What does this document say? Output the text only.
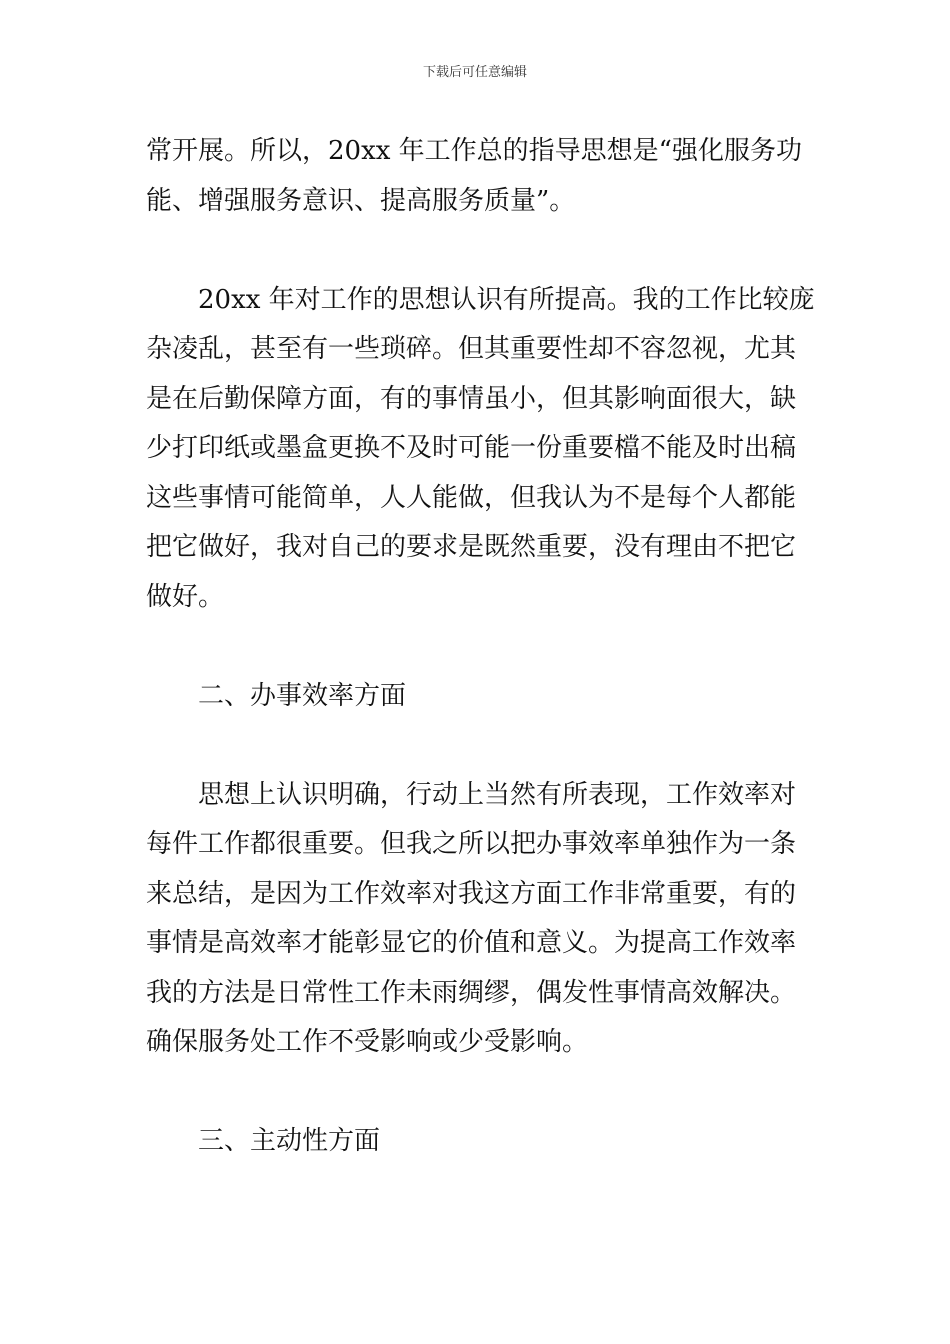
下载后可任意编辑
常开展。所以，20xx 年工作总的指导思想是“强化服务功
能、增强服务意识、提高服务质量”。
20xx 年对工作的思想认识有所提高。我的工作比较庞
杂凌乱，甚至有一些琐碎。但其重要性却不容忽视，尤其
是在后勤保障方面，有的事情虽小，但其影响面很大，缺
少打印纸或墨盒更换不及时可能一份重要檔不能及时出稿
这些事情可能简单，人人能做，但我认为不是每个人都能
把它做好，我对自己的要求是既然重要，没有理由不把它
做好。
二、办事效率方面
思想上认识明确，行动上当然有所表现，工作效率对
每件工作都很重要。但我之所以把办事效率单独作为一条
来总结，是因为工作效率对我这方面工作非常重要，有的
事情是高效率才能彰显它的价值和意义。为提高工作效率
我的方法是日常性工作未雨绸缪，偶发性事情高效解决。
确保服务处工作不受影响或少受影响。
三、主动性方面
